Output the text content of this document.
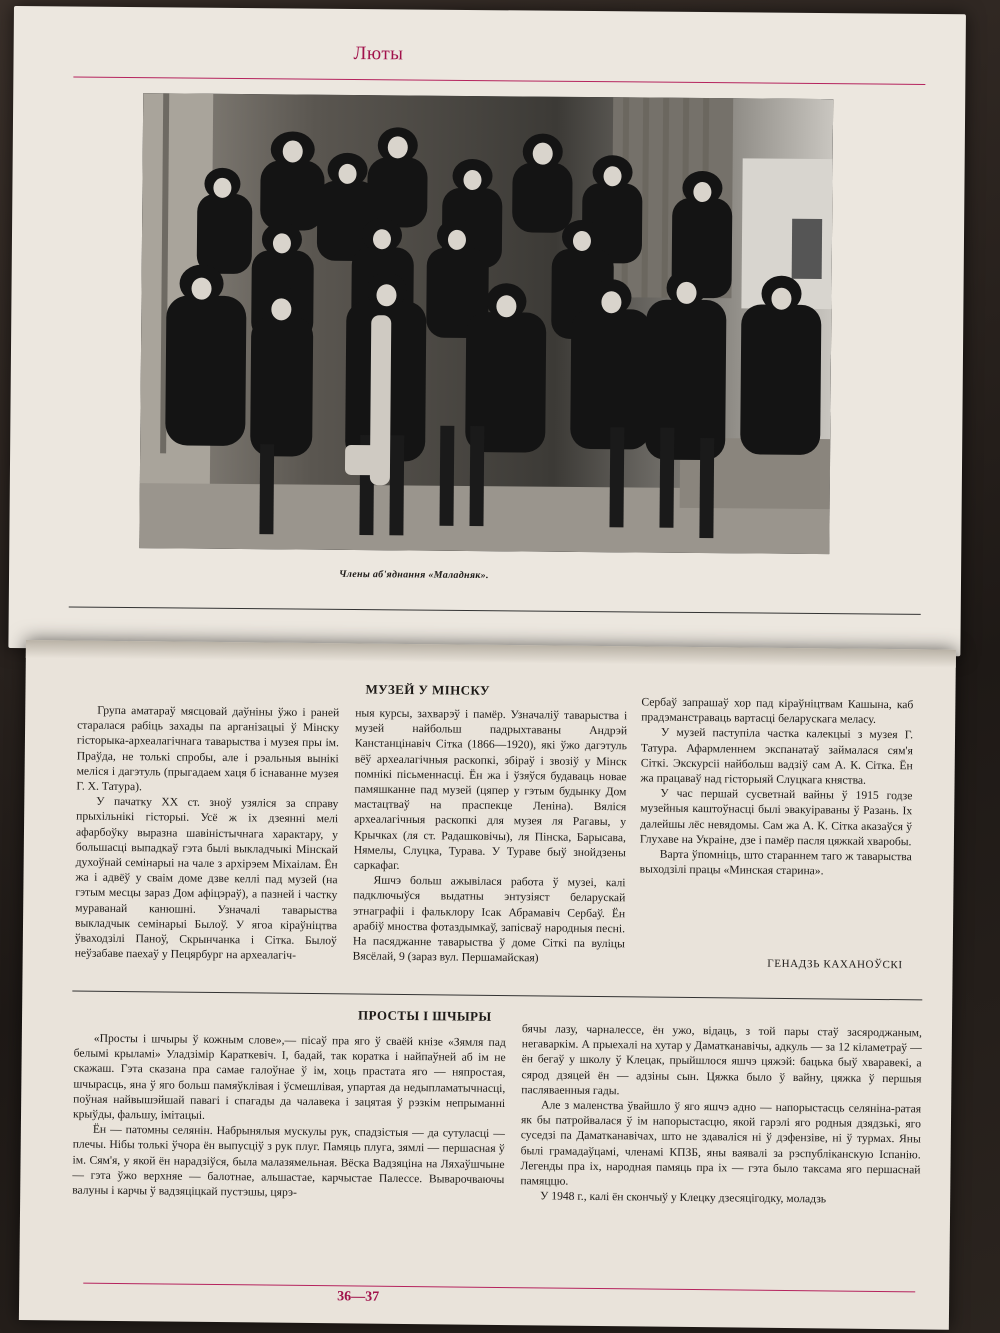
Люты
Члены аб'яднання «Маладняк».
МУЗЕЙ У МІНСКУ

Група аматараў мясцовай даўніны ўжо і раней старалася рабіць захады па арганізацыі ў Мінску гісторыка-археалагічнага таварыства і музея пры ім. Праўда, не толькі спробы, але і рэальныя вынікі меліся і дагэтуль (прыгадаем хаця б існаванне музея Г. Х. Татура).

У пачатку XX ст. зноў узяліся за справу прыхільнікі гісторыі. Усё ж іх дзеянні мелі афарбоўку выразна шавіністычнага характару, у большасці выпадкаў гэта былі выкладчыкі Мінскай духоўнай семінарыі на чале з архірэем Міхаілам. Ён жа і адвёў у сваім доме дзве келлі пад музей (на гэтым месцы зараз Дом афіцэраў), а пазней і частку мураванай канюшні. Узначалі таварыства выкладчык семінарыі Былоў. У ягоа кіраўніцтва ўваходзілі Паноў, Скрынчанка і Сітка. Былоў неўзабаве паехаў у Пецярбург на археалагіч-

ныя курсы, захварэў і памёр. Узначаліў таварыства і музей найбольш падрыхтаваны Андрэй Канстанцінавіч Сітка (1866—1920), які ўжо дагэтуль вёў археалагічныя раскопкі, збіраў і звозіў у Мінск помнікі пісьменнасці. Ён жа і ўзяўся будаваць новае памяшканне пад музей (цяпер у гэтым будынку Дом мастацтваў на праспекце Леніна). Вяліся археалагічныя раскопкі для музея ля Рагавы, у Крычках (ля ст. Радашковічы), ля Пінска, Барысава, Нямелы, Слуцка, Турава. У Тураве быў знойдзены саркафаг.

Яшчэ больш ажывілася работа ў музеі, калі падключыўся выдатны энтузіяст беларускай этнаграфіі і фальклору Ісак Абрамавіч Сербаў. Ён арабіў мноства фотаздымкаў, запісваў народныя песні. На пасяджанне таварыства ў доме Сіткі па вуліцы Вясёлай, 9 (зараз вул. Першамайская)

Сербаў запрашаў хор пад кіраўніцтвам Кашына, каб прадэманстраваць вартасці беларускага меласу.

У музей паступіла частка калекцыі з музея Г. Татура. Афармленнем экспанатаў займалася сям'я Сіткі. Экскурсіі найбольш вадзіў сам А. К. Сітка. Ён жа працаваў над гісторыяй Слуцкага княства.

У час першай сусветнай вайны ў 1915 годзе музейныя каштоўнасці былі эвакуіраваны ў Разань. Іх далейшы лёс невядомы. Сам жа А. К. Сітка аказаўся ў Глухаве на Украіне, дзе і памёр пасля цяжкай хваробы.

Варта ўпомніць, што стараннем таго ж таварыства выходзілі працы «Минская старина».

ГЕНАДЗЬ КАХАНОЎСКІ
ПРОСТЫ І ШЧЫРЫ

«Просты і шчыры ў кожным слове»,— пісаў пра яго ў сваёй кнізе «Зямля пад белымі крыламі» Уладзімір Караткевіч. І, бадай, так коратка і найпаўней аб ім не скажаш. Гэта сказана пра самае галоўнае ў ім, хоць прастата яго — няпростая, шчырасць, яна ў яго больш памяўклівая і ўсмешлівая, упартая да недыпламатычнасці, поўная найвышэйшай павагі і спагады да чалавека і зацятая ў рэзкім непрыманні крыўды, фальшу, імітацыі.

Ён — патомны селянін. Набрынялыя мускулы рук, спадзістыя — да сутуласці — плечы. Нібы толькі ўчора ён выпусціў з рук плуг. Памяць плуга, зямлі — першасная ў ім. Сям'я, у якой ён нарадзіўся, была малазямельная. Вёска Вадзяціна на Ляхаўшчыне — гэта ўжо верхняе — балотнае, альшастае, карчыстае Палессе. Выварочваючы валуны і карчы ў вадзяціцкай пустэшы, цярэ-

бячы лазу, чарналессе, ён ужо, відаць, з той пары стаў засяроджаным, негаваркім. А прыехалі на хутар у Даматканавічы, адкуль — за 12 кіламетраў — ён бегаў у школу ў Клецак, прыйшлося яшчэ цяжэй: бацька быў хваравекі, а сярод дзяцей ён — адзіны сын. Цяжка было ў вайну, цяжка ў першыя пасляваенныя гады.

Але з маленства ўвайшло ў яго яшчэ адно — напорыстасць селяніна-ратая як бы патройвалася ў ім напорыстасцю, якой гарэлі яго родныя дзядзькі, яго суседзі па Даматканавічах, што не здаваліся ні ў дэфензіве, ні ў турмах. Яны былі грамадаўцамі, членамі КПЗБ, яны ваявалі за рэспубліканскую Іспанію. Легенды пра іх, народная памяць пра іх — гэта было таксама яго першаснай памяццю.

У 1948 г., калі ён скончыў у Клецку дзесяцігодку, моладзь

36—37
